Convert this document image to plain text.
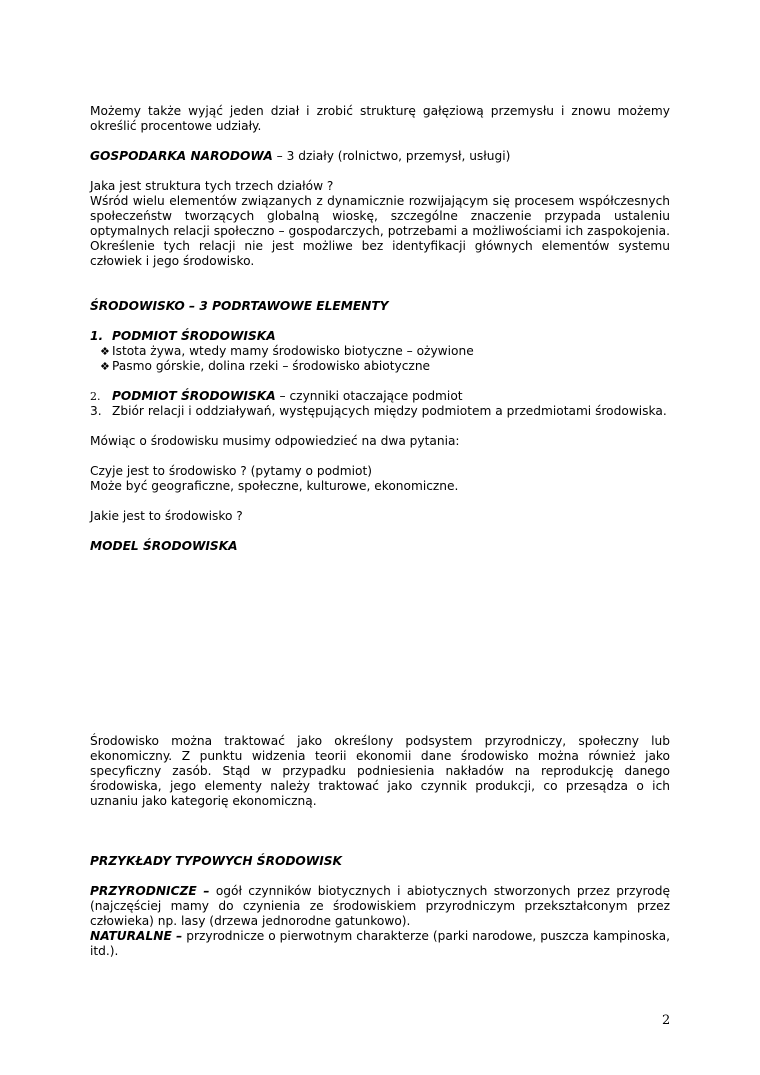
Możemy także wyjąć jeden dział i zrobić strukturę gałęziową przemysłu i znowu możemy określić procentowe udziały.

GOSPODARKA NARODOWA – 3 działy (rolnictwo, przemysł, usługi)

Jaka jest struktura tych trzech działów ?

Wśród wielu elementów związanych z dynamicznie rozwijającym się procesem współczesnych społeczeństw tworzących globalną wioskę, szczególne znaczenie przypada ustaleniu optymalnych relacji społeczno – gospodarczych, potrzebami a możliwościami ich zaspokojenia. Określenie tych relacji nie jest możliwe bez identyfikacji głównych elementów systemu człowiek i jego środowisko.

ŚRODOWISKO – 3 PODRTAWOWE ELEMENTY

1. PODMIOT ŚRODOWISKA

❖ Istota żywa, wtedy mamy środowisko biotyczne – ożywione

❖ Pasmo górskie, dolina rzeki – środowisko abiotyczne

2. PODMIOT ŚRODOWISKA – czynniki otaczające podmiot

3. Zbiór relacji i oddziaływań, występujących między podmiotem a przedmiotami środowiska.

Mówiąc o środowisku musimy odpowiedzieć na dwa pytania:

Czyje jest to środowisko ? (pytamy o podmiot)

Może być geograficzne, społeczne, kulturowe, ekonomiczne.

Jakie jest to środowisko ?

MODEL ŚRODOWISKA

Środowisko można traktować jako określony podsystem przyrodniczy, społeczny lub ekonomiczny. Z punktu widzenia teorii ekonomii dane środowisko można również jako specyficzny zasób. Stąd w przypadku podniesienia nakładów na reprodukcję danego środowiska, jego elementy należy traktować jako czynnik produkcji, co przesądza o ich uznaniu jako kategorię ekonomiczną.

PRZYKŁADY TYPOWYCH ŚRODOWISK

PRZYRODNICZE – ogół czynników biotycznych i abiotycznych stworzonych przez przyrodę (najczęściej mamy do czynienia ze środowiskiem przyrodniczym przekształconym przez człowieka) np. lasy (drzewa jednorodne gatunkowo).

NATURALNE – przyrodnicze o pierwotnym charakterze (parki narodowe, puszcza kampinoska, itd.).

2
